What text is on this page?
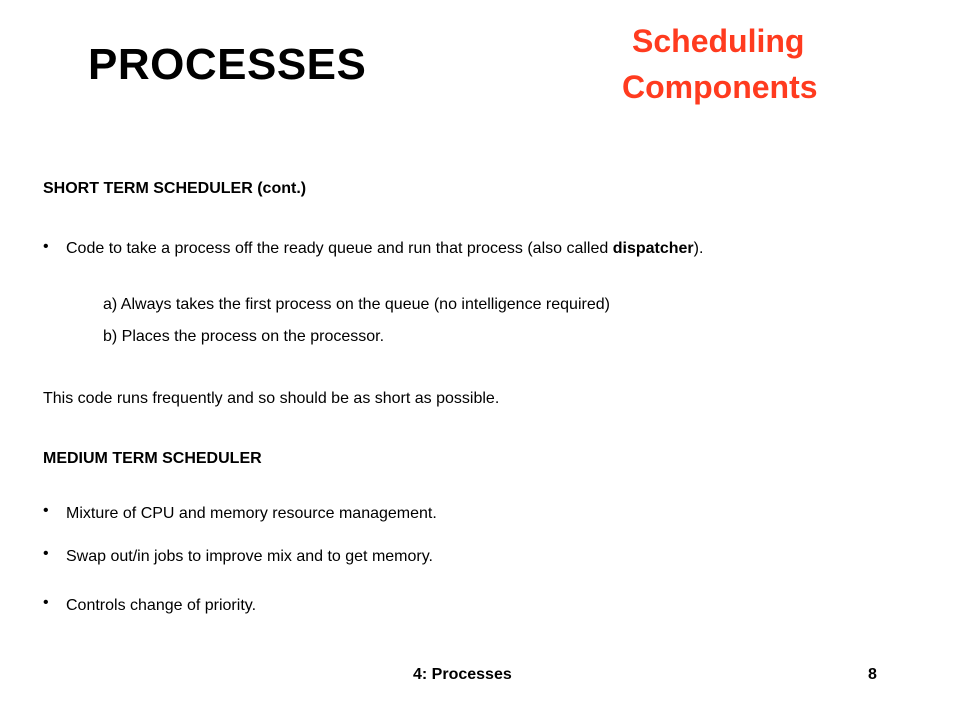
PROCESSES	Scheduling
Components
SHORT TERM SCHEDULER (cont.)
•	Code to take a process off the ready queue and run that process (also called dispatcher).

a) Always takes the first process on the queue (no intelligence required)

b) Places the process on the processor.

This code runs frequently and so should be as short as possible.

MEDIUM TERM SCHEDULER
•	Mixture of CPU and memory resource management.

•	Swap out/in jobs to improve mix and to get memory.

•	Controls change of priority.

4: Processes	8
